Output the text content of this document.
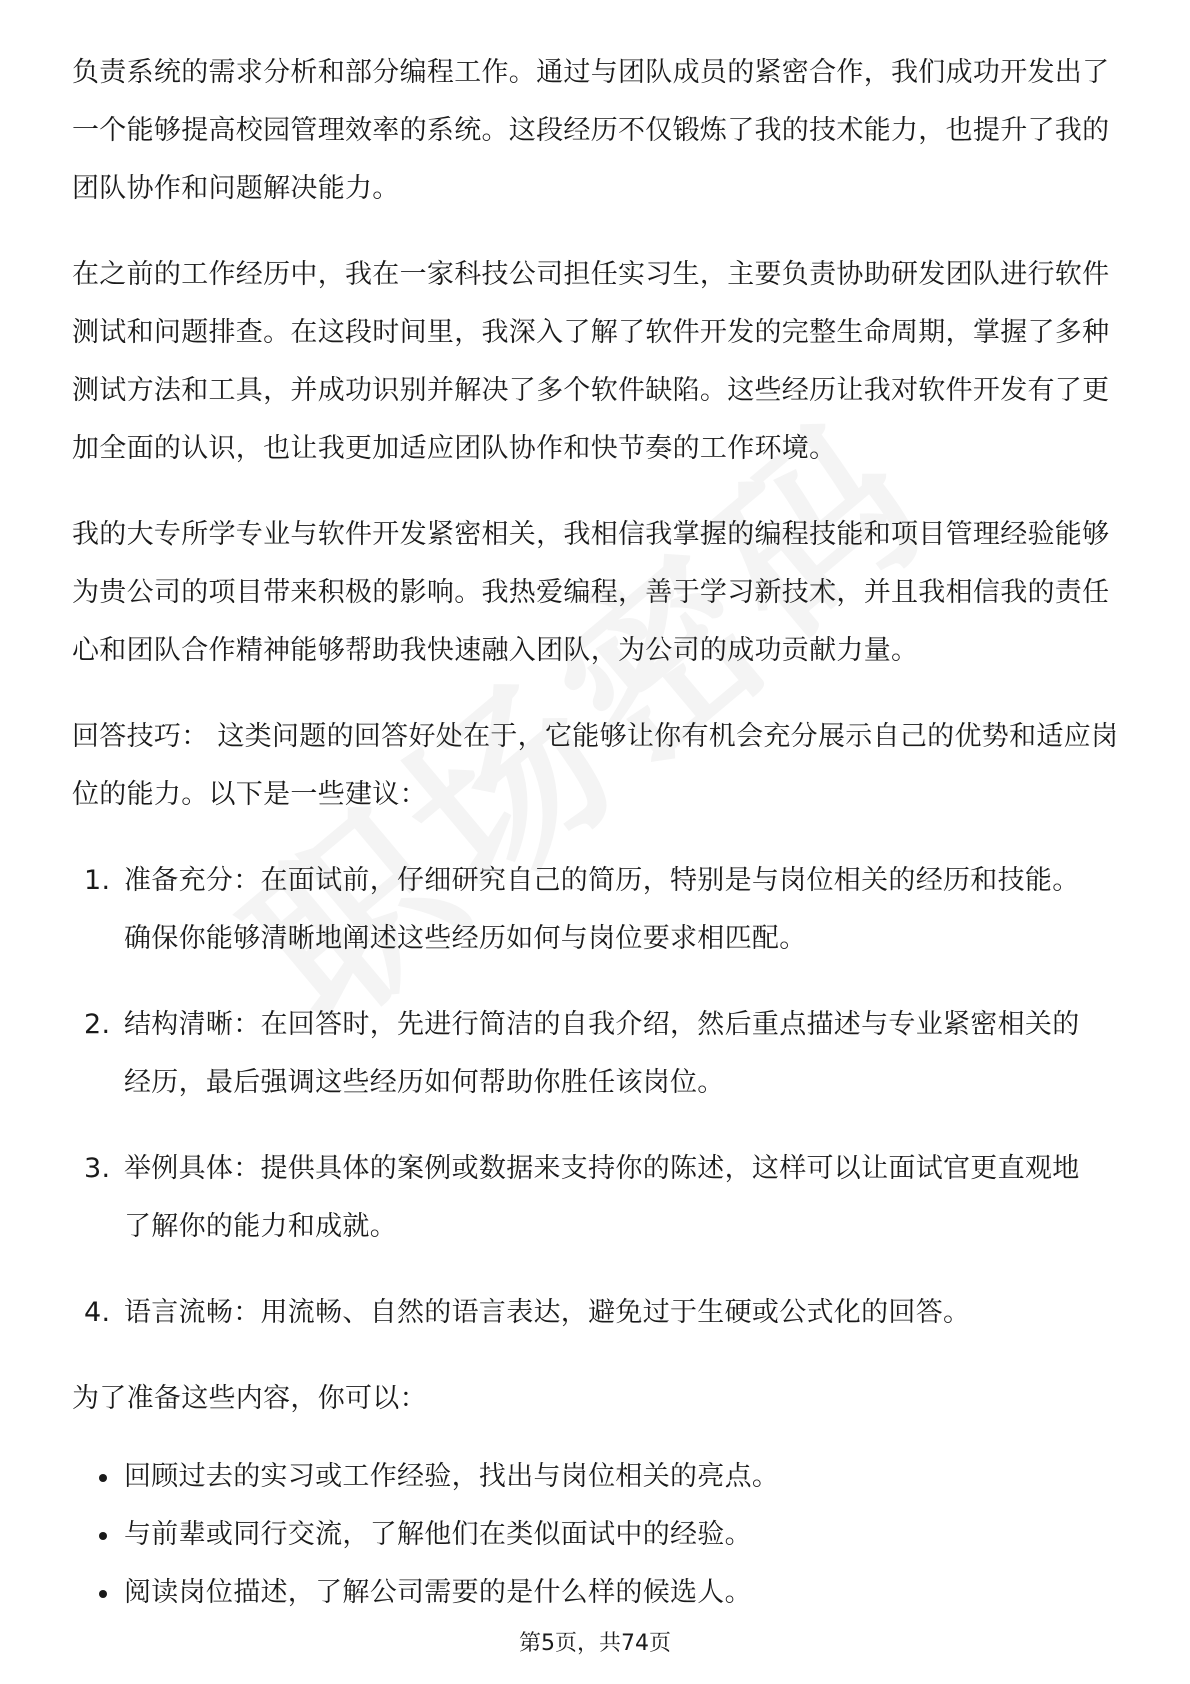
负责系统的需求分析和部分编程工作。通过与团队成员的紧密合作，我们成功开发出了一个能够提高校园管理效率的系统。这段经历不仅锻炼了我的技术能力，也提升了我的团队协作和问题解决能力。

在之前的工作经历中，我在一家科技公司担任实习生，主要负责协助研发团队进行软件测试和问题排查。在这段时间里，我深入了解了软件开发的完整生命周期，掌握了多种测试方法和工具，并成功识别并解决了多个软件缺陷。这些经历让我对软件开发有了更加全面的认识，也让我更加适应团队协作和快节奏的工作环境。

我的大专所学专业与软件开发紧密相关，我相信我掌握的编程技能和项目管理经验能够为贵公司的项目带来积极的影响。我热爱编程，善于学习新技术，并且我相信我的责任心和团队合作精神能够帮助我快速融入团队，为公司的成功贡献力量。

回答技巧： 这类问题的回答好处在于，它能够让你有机会充分展示自己的优势和适应岗位的能力。以下是一些建议：

1. 准备充分：在面试前，仔细研究自己的简历，特别是与岗位相关的经历和技能。确保你能够清晰地阐述这些经历如何与岗位要求相匹配。
2. 结构清晰：在回答时，先进行简洁的自我介绍，然后重点描述与专业紧密相关的经历，最后强调这些经历如何帮助你胜任该岗位。
3. 举例具体：提供具体的案例或数据来支持你的陈述，这样可以让面试官更直观地了解你的能力和成就。
4. 语言流畅：用流畅、自然的语言表达，避免过于生硬或公式化的回答。

为了准备这些内容，你可以：

回顾过去的实习或工作经验，找出与岗位相关的亮点。
与前辈或同行交流，了解他们在类似面试中的经验。
阅读岗位描述，了解公司需要的是什么样的候选人。
第5页，共74页
